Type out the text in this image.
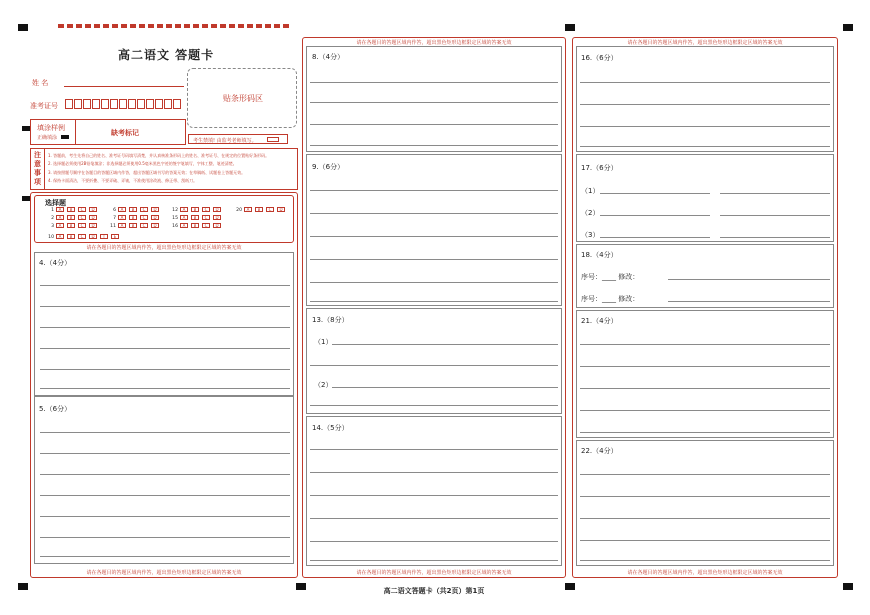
高二语文 答题卡
姓 名
准考证号
贴条形码区
填涂样例
正确填涂
缺考标记
考生禁填! 由监考老师填写。
注
意
事
项
1. 答题前，考生先将自己的姓名、准考证号码填写清楚，并认真核准条形码上的姓名、准考证号、在规定的位置贴好条形码。
2. 选择题必须使用2B铅笔填涂；非选择题必须使用0.5毫米黑色字迹的签字笔填写，字体工整、笔迹清楚。
3. 请按照题号顺序在各题目的答题区域内作答，超出答题区域书写的答案无效；在草稿纸、试题卷上答题无效。
4. 保持卡面清洁，不要折叠、不要弄破、弄皱，不准使用涂改液、修正带、刮纸刀。
选择题
1 A B C D	6 A B C D	12 A B C D	20 A B C D
2 A B C D	7 A B C D	15 A B C D
3 A B C D	11 A B C D	16 A B C D
10 A B C D T E
请在各题目的答题区域内作答，超出黑色矩形边框限定区域的答案无效
4.（4分）
5.（6分）
请在各题目的答题区域内作答，超出黑色矩形边框限定区域的答案无效
请在各题目的答题区域内作答，超出黑色矩形边框限定区域的答案无效
请在各题目的答题区域内作答，超出黑色矩形边框限定区域的答案无效
8.（4分）
9.（6分）
13.（8分）
（1）
（2）
14.（5分）
请在各题目的答题区域内作答，超出黑色矩形边框限定区域的答案无效
请在各题目的答题区域内作答，超出黑色矩形边框限定区域的答案无效
16.（6分）
17.（6分）
（1）
（2）
（3）
18.（4分）
序号：____ 修改：
序号：____ 修改：
21.（4分）
22.（4分）
高二语文答题卡（共2页）第1页
